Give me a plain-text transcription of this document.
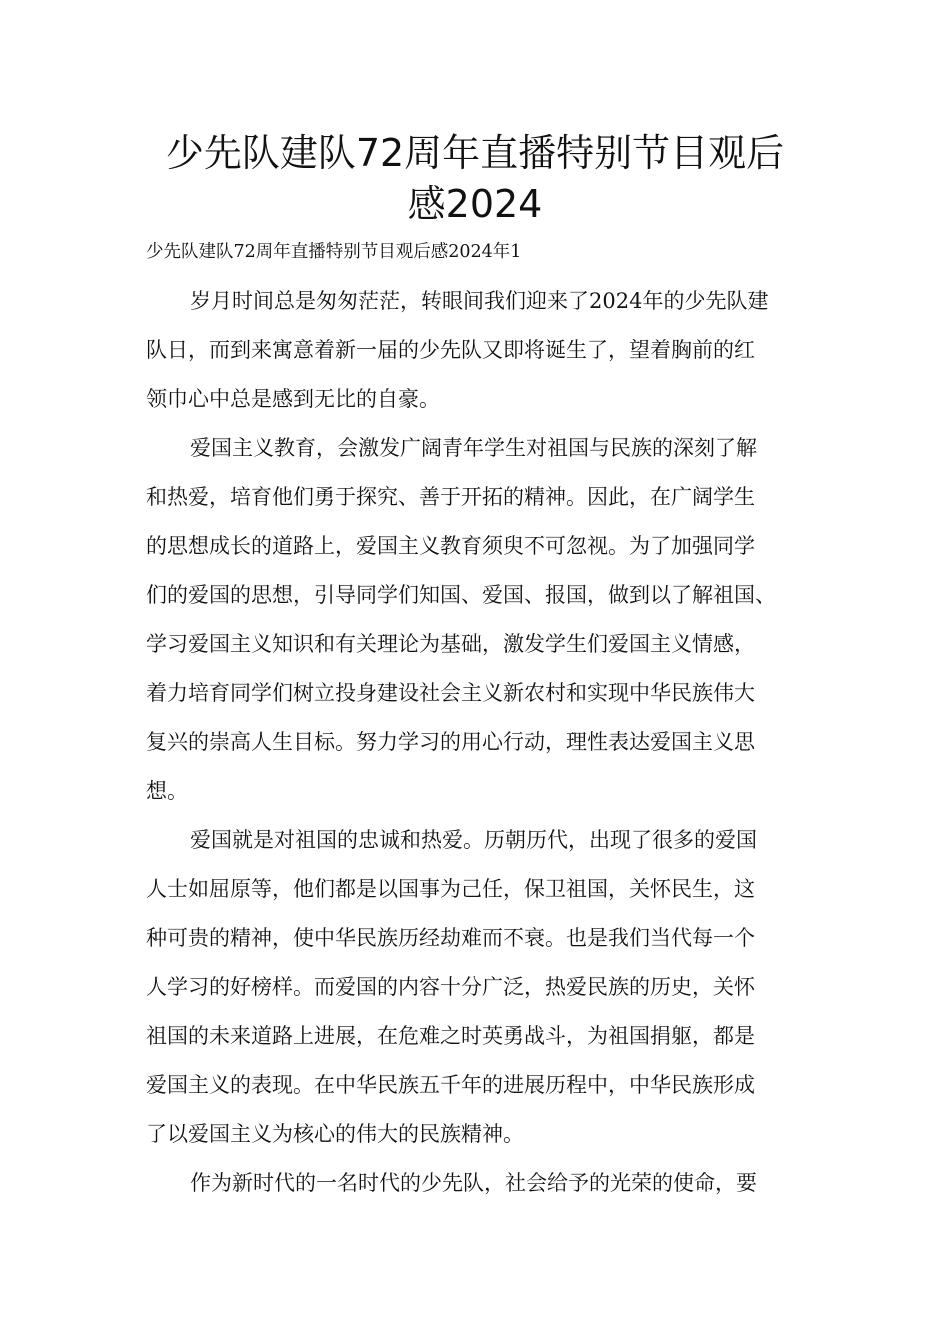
少先队建队72周年直播特别节目观后
感2024
少先队建队72周年直播特别节目观后感2024年1
岁月时间总是匆匆茫茫，转眼间我们迎来了2024年的少先队建
队日，而到来寓意着新一届的少先队又即将诞生了，望着胸前的红
领巾心中总是感到无比的自豪。
爱国主义教育，会激发广阔青年学生对祖国与民族的深刻了解
和热爱，培育他们勇于探究、善于开拓的精神。因此，在广阔学生
的思想成长的道路上，爱国主义教育须臾不可忽视。为了加强同学
们的爱国的思想，引导同学们知国、爱国、报国，做到以了解祖国、
学习爱国主义知识和有关理论为基础，激发学生们爱国主义情感，
着力培育同学们树立投身建设社会主义新农村和实现中华民族伟大
复兴的崇高人生目标。努力学习的用心行动，理性表达爱国主义思
想。
爱国就是对祖国的忠诚和热爱。历朝历代，出现了很多的爱国
人士如屈原等，他们都是以国事为己任，保卫祖国，关怀民生，这
种可贵的精神，使中华民族历经劫难而不衰。也是我们当代每一个
人学习的好榜样。而爱国的内容十分广泛，热爱民族的历史，关怀
祖国的未来道路上进展，在危难之时英勇战斗，为祖国捐躯，都是
爱国主义的表现。在中华民族五千年的进展历程中，中华民族形成
了以爱国主义为核心的伟大的民族精神。
作为新时代的一名时代的少先队，社会给予的光荣的使命，要
